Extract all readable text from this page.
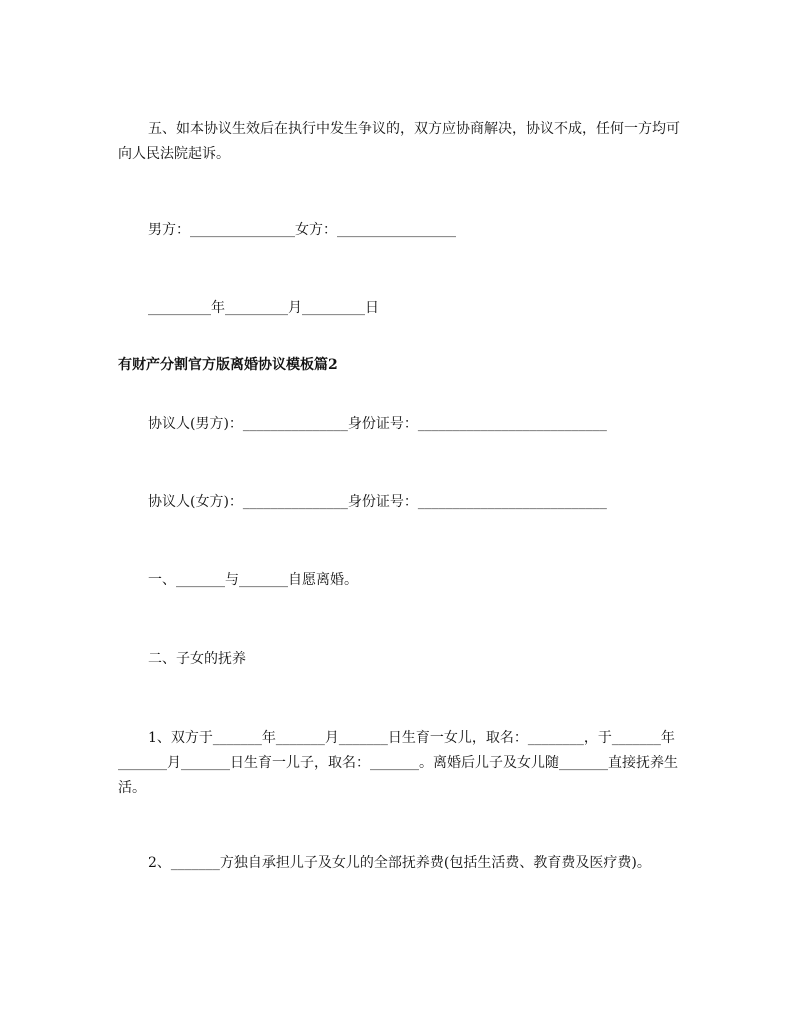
五、如本协议生效后在执行中发生争议的，双方应协商解决，协议不成，任何一方均可向人民法院起诉。

男方：_______________女方：_________________

_________年_________月_________日

有财产分割官方版离婚协议模板篇2

协议人(男方)：_______________身份证号：___________________________

协议人(女方)：_______________身份证号：___________________________

一、_______与_______自愿离婚。

二、子女的抚养

1、双方于_______年_______月_______日生育一女儿，取名：________，于_______年_______月_______日生育一儿子，取名：_______。离婚后儿子及女儿随_______直接抚养生活。

2、_______方独自承担儿子及女儿的全部抚养费(包括生活费、教育费及医疗费)。
